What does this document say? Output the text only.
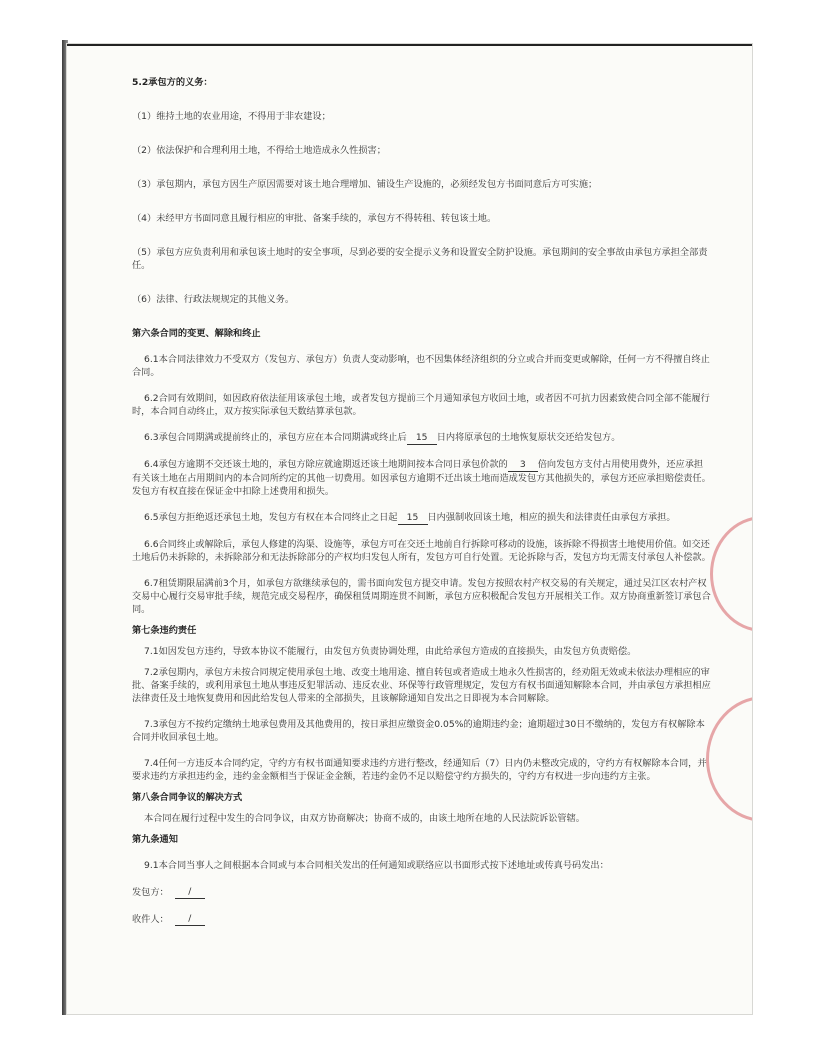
5.2承包方的义务：

（1）维持土地的农业用途，不得用于非农建设；

（2）依法保护和合理利用土地，不得给土地造成永久性损害；

（3）承包期内，承包方因生产原因需要对该土地合理增加、铺设生产设施的，必须经发包方书面同意后方可实施；

（4）未经甲方书面同意且履行相应的审批、备案手续的，承包方不得转租、转包该土地。

（5）承包方应负责利用和承包该土地时的安全事项，尽到必要的安全提示义务和设置安全防护设施。承包期间的安全事故由承包方承担全部责任。

（6）法律、行政法规规定的其他义务。

第六条合同的变更、解除和终止

6.1本合同法律效力不受双方（发包方、承包方）负责人变动影响，也不因集体经济组织的分立或合并而变更或解除，任何一方不得擅自终止合同。

6.2合同有效期间，如因政府依法征用该承包土地，或者发包方提前三个月通知承包方收回土地，或者因不可抗力因素致使合同全部不能履行时，本合同自动终止，双方按实际承包天数结算承包款。

6.3承包合同期满或提前终止的，承包方应在本合同期满或终止后 15 日内将原承包的土地恢复原状交还给发包方。

6.4承包方逾期不交还该土地的，承包方除应就逾期返还该土地期间按本合同日承包价款的 3 倍向发包方支付占用使用费外，还应承担有关该土地在占用期间内的本合同所约定的其他一切费用。如因承包方逾期不迁出该土地而造成发包方其他损失的，承包方还应承担赔偿责任。发包方有权直接在保证金中扣除上述费用和损失。

6.5承包方拒绝返还承包土地，发包方有权在本合同终止之日起 15 日内强制收回该土地，相应的损失和法律责任由承包方承担。

6.6合同终止或解除后，承包人修建的沟渠、设施等，承包方可在交还土地前自行拆除可移动的设施，该拆除不得损害土地使用价值。如交还土地后仍未拆除的，未拆除部分和无法拆除部分的产权均归发包人所有，发包方可自行处置。无论拆除与否，发包方均无需支付承包人补偿款。

6.7租赁期限届满前3个月，如承包方欲继续承包的，需书面向发包方提交申请。发包方按照农村产权交易的有关规定，通过吴江区农村产权交易中心履行交易审批手续，规范完成交易程序，确保租赁周期连贯不间断，承包方应积极配合发包方开展相关工作。双方协商重新签订承包合同。

第七条违约责任

7.1如因发包方违约，导致本协议不能履行，由发包方负责协调处理，由此给承包方造成的直接损失，由发包方负责赔偿。

7.2承包期内，承包方未按合同规定使用承包土地、改变土地用途、擅自转包或者造成土地永久性损害的，经劝阻无效或未依法办理相应的审批、备案手续的，或利用承包土地从事违反犯罪活动、违反农业、环保等行政管理规定，发包方有权书面通知解除本合同，并由承包方承担相应法律责任及土地恢复费用和因此给发包人带来的全部损失，且该解除通知自发出之日即视为本合同解除。

7.3承包方不按约定缴纳土地承包费用及其他费用的，按日承担应缴资金0.05%的逾期违约金；逾期超过30日不缴纳的，发包方有权解除本合同并收回承包土地。

7.4任何一方违反本合同约定，守约方有权书面通知要求违约方进行整改，经通知后（7）日内仍未整改完成的，守约方有权解除本合同，并要求违约方承担违约金，违约金金额相当于保证金金额，若违约金仍不足以赔偿守约方损失的，守约方有权进一步向违约方主张。

第八条合同争议的解决方式

本合同在履行过程中发生的合同争议，由双方协商解决；协商不成的，由该土地所在地的人民法院诉讼管辖。

第九条通知

9.1本合同当事人之间根据本合同或与本合同相关发出的任何通知或联络应以书面形式按下述地址或传真号码发出：

发包方：	/

收件人：	/
